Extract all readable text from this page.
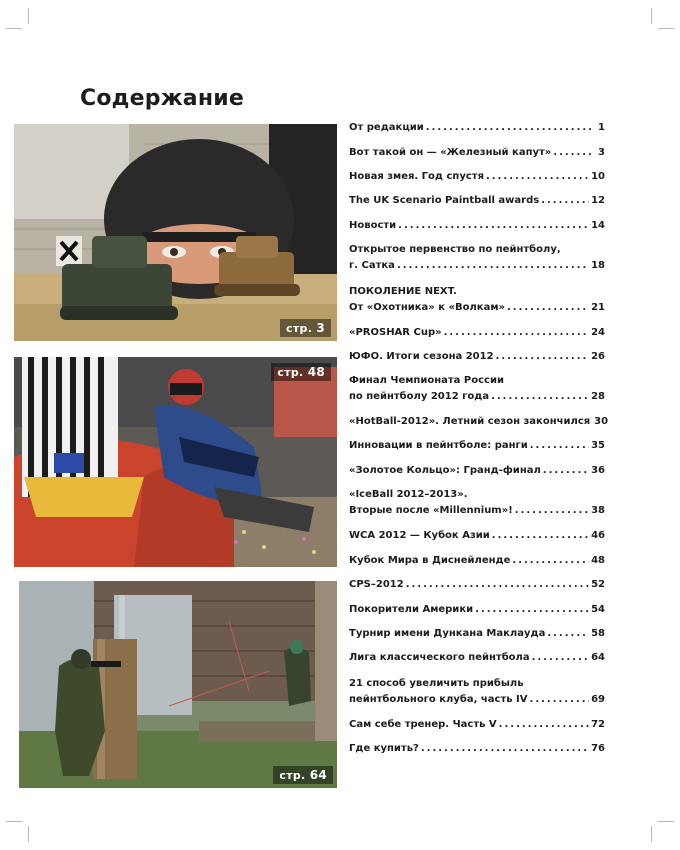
Содержание
стр. 3
стр. 48
стр. 64
От редакции .....	1
Вот такой он — «Железный капут» .....	3
Новая змея. Год спустя .....	10
The UK Scenario Paintball awards .....	12
Новости .....	14
Открытое первенство по пейнтболу,
г. Сатка .....	18
ПОКОЛЕНИЕ NEXT.
От «Охотника» к «Волкам» .....	21
«PROSHAR Cup» .....	24
ЮФО. Итоги сезона 2012 .....	26
Финал Чемпионата России
по пейнтболу 2012 года .....	28
«HotBall-2012». Летний сезон закончился 30
Инновации в пейнтболе: ранги .....	35
«Золотое Кольцо»: Гранд-финал .....	36
«IceBall 2012–2013».
Вторые после «Millennium»! .....	38
WCA 2012 — Кубок Азии .....	46
Кубок Мира в Диснейленде .....	48
CPS–2012 .....	52
Покорители Америки .....	54
Турнир имени Дункана Маклауда .....	58
Лига классического пейнтбола .....	64
21 способ увеличить прибыль
пейнтбольного клуба, часть IV .....	69
Сам себе тренер. Часть V .....	72
Где купить? .....	76
